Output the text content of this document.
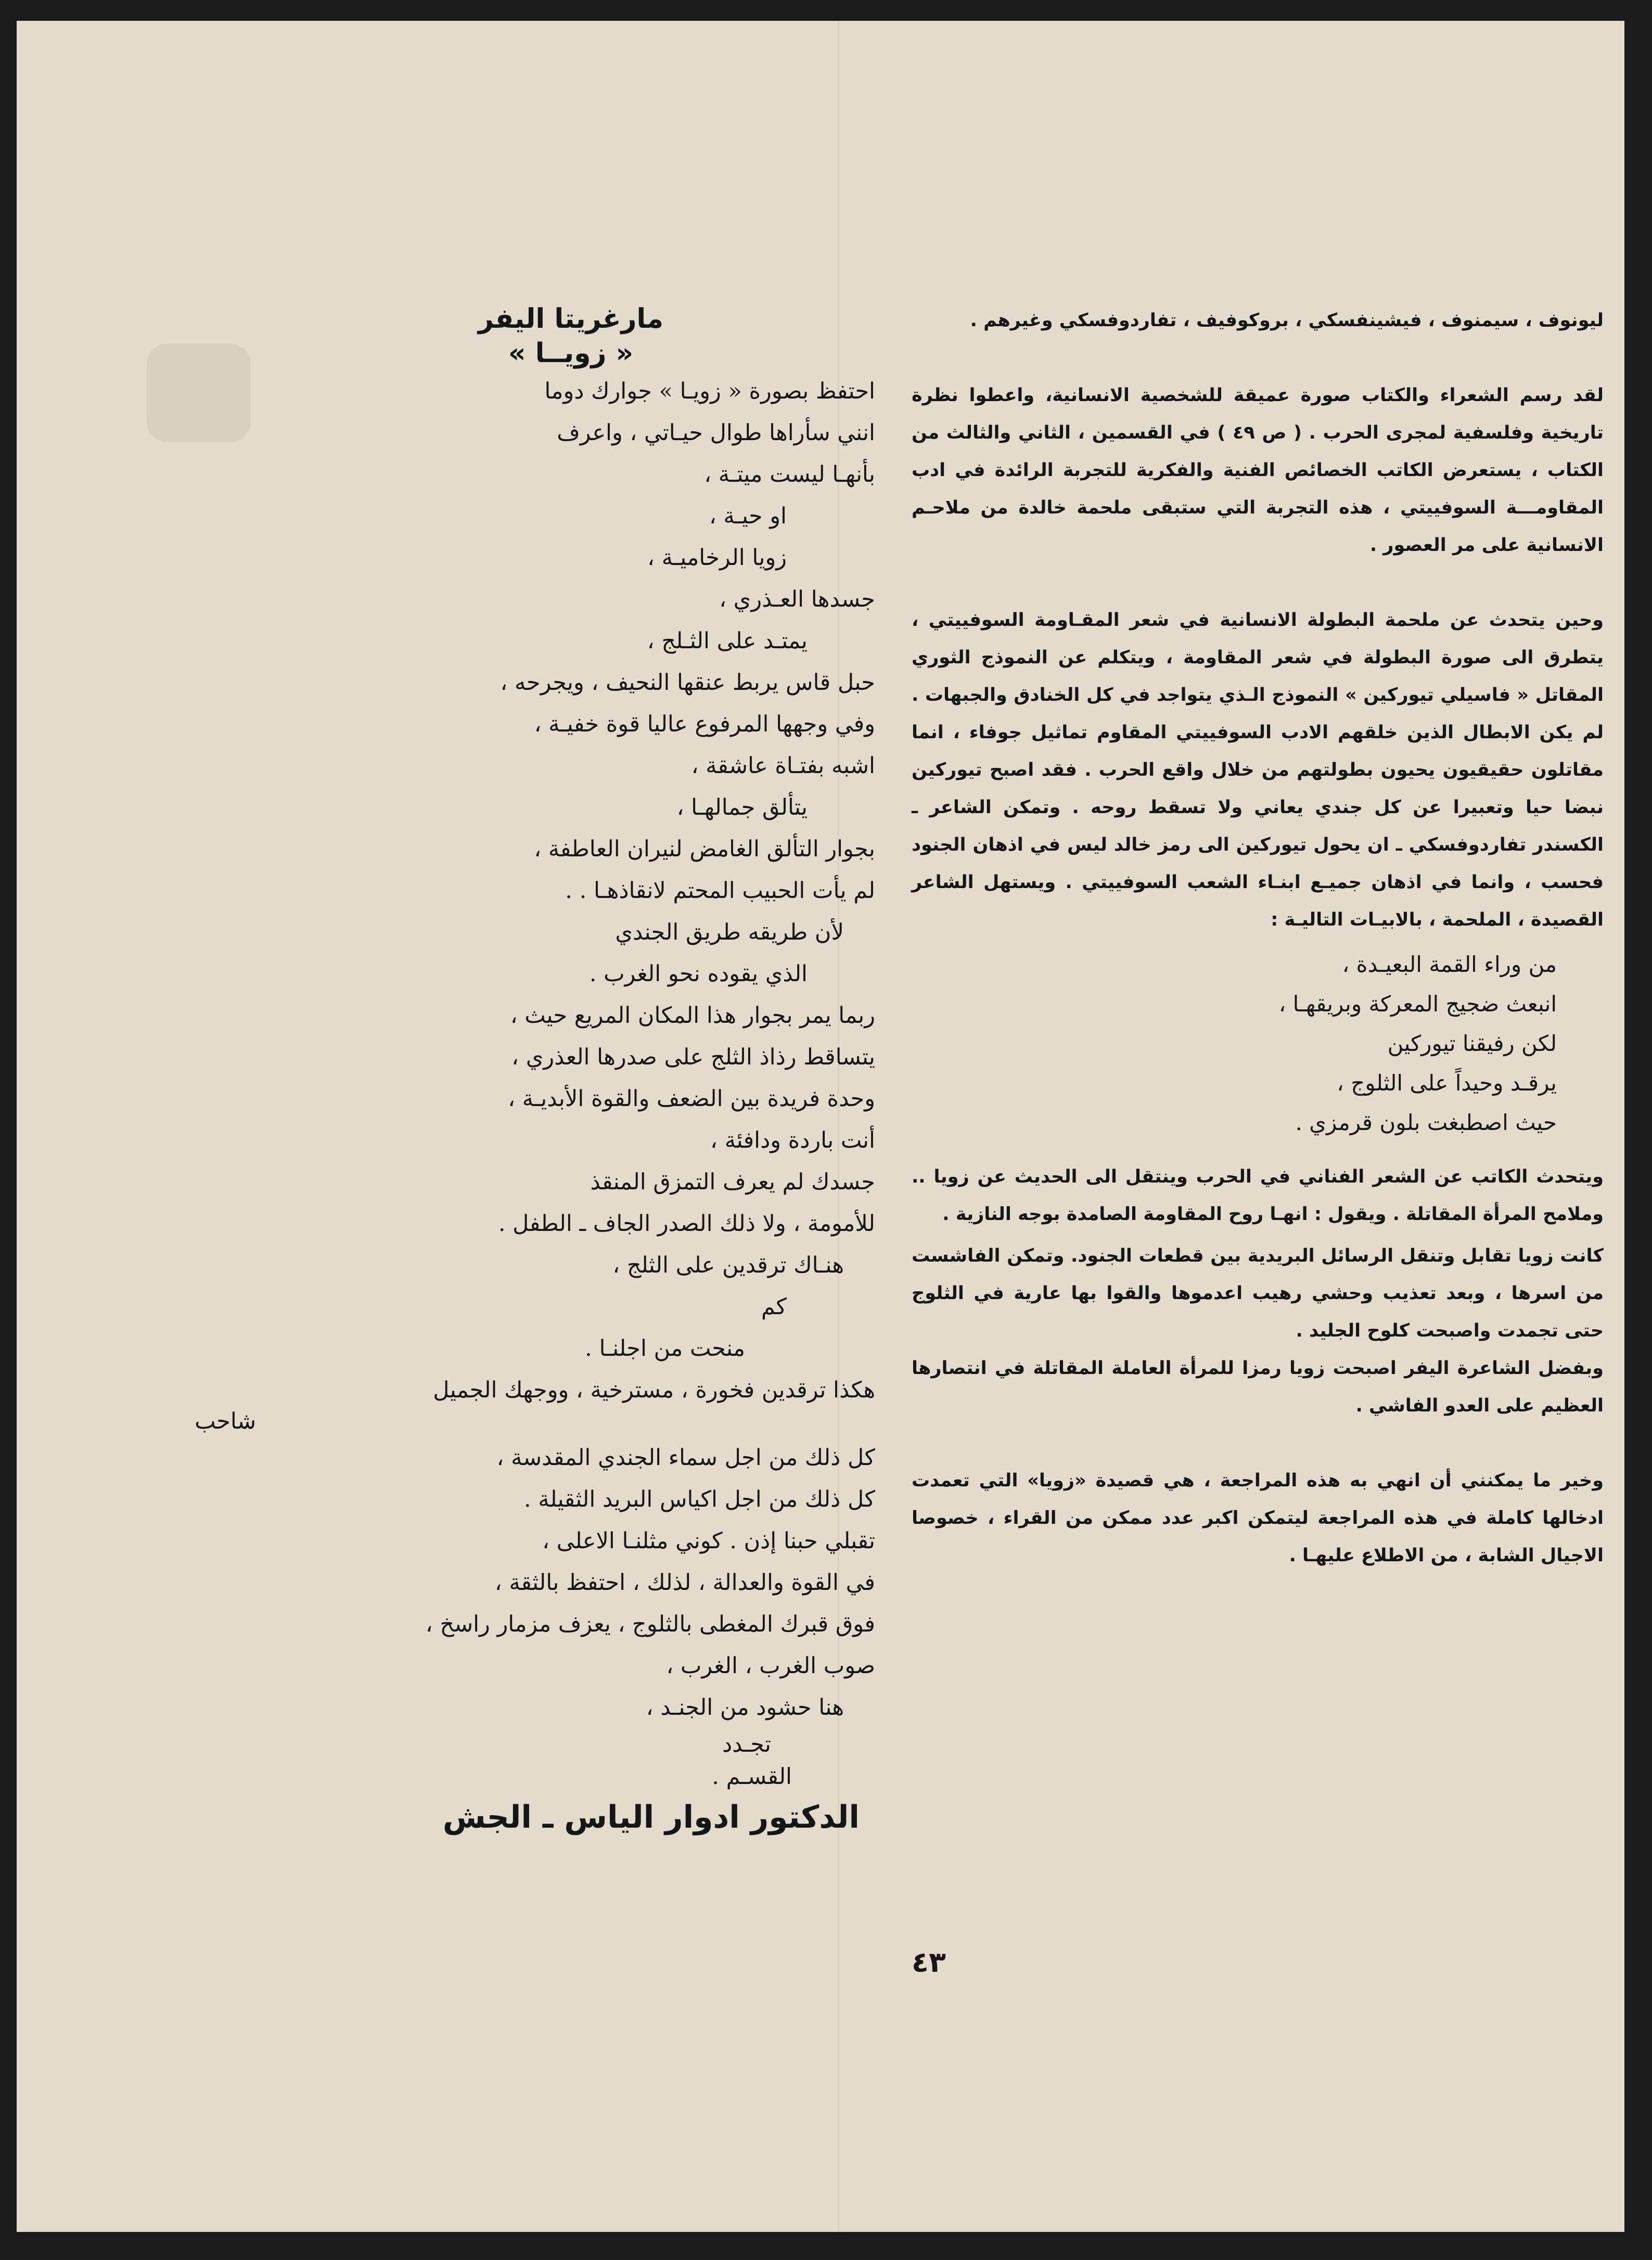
ليونوف ، سيمنوف ، فيشينفسكي ، بروكوفيف ، تفاردوفسكي وغيرهم .

لقد رسم الشعراء والكتاب صورة عميقة للشخصية الانسانية، واعطوا نظرة تاريخية وفلسفية لمجرى الحرب . ( ص ٤٩ ) في القسمين ، الثاني والثالث من الكتاب ، يستعرض الكاتب الخصائص الفنية والفكرية للتجربة الرائدة في ادب المقاومـــة السوفييتي ، هذه التجربة التي ستبقى ملحمة خالدة من ملاحـم الانسانية على مر العصور .

وحين يتحدث عن ملحمة البطولة الانسانية في شعر المقـاومة السوفييتي ، يتطرق الى صورة البطولة في شعر المقاومة ، ويتكلم عن النموذج الثوري المقاتل « فاسيلي تيوركين » النموذج الـذي يتواجد في كل الخنادق والجبهات . لم يكن الابطال الذين خلقهم الادب السوفييتي المقاوم تماثيل جوفاء ، انما مقاتلون حقيقيون يحيون بطولتهم من خلال واقع الحرب . فقد اصبح تيوركين نبضا حيا وتعبيرا عن كل جندي يعاني ولا تسقط روحه . وتمكن الشاعر ـ الكسندر تفاردوفسكي ـ ان يحول تيوركين الى رمز خالد ليس في اذهان الجنود فحسب ، وانما في اذهان جميـع ابنـاء الشعب السوفييتي . ويستهل الشاعر القصيدة ، الملحمة ، بالابيـات التاليـة :

من وراء القمة البعيـدة ،
انبعث ضجيج المعركة وبريقهـا ،
لكن رفيقنا تيوركين
يرقـد وحيداً على الثلوج ،
حيث اصطبغت بلون قرمزي .

ويتحدث الكاتب عن الشعر الفناني في الحرب وينتقل الى الحديث عن زويا .. وملامح المرأة المقاتلة . ويقول : انهـا روح المقاومة الصامدة بوجه النازية .

كانت زويا تقابل وتنقل الرسائل البريدية بين قطعات الجنود. وتمكن الفاشست من اسرها ، وبعد تعذيب وحشي رهيب اعدموها والقوا بها عارية في الثلوج حتى تجمدت واصبحت كلوح الجليد .

وبفضل الشاعرة اليفر اصبحت زويا رمزا للمرأة العاملة المقاتلة في انتصارها العظيم على العدو الفاشي .

وخير ما يمكنني أن انهي به هذه المراجعة ، هي قصيدة «زويا» التي تعمدت ادخالها كاملة في هذه المراجعة ليتمكن اكبر عدد ممكن من القراء ، خصوصا الاجيال الشابة ، من الاطلاع عليهـا .

مارغريتا اليفر
« زويــا »
احتفظ بصورة « زويـا » جوارك دوما
انني سأراها طوال حيـاتي ، واعرف
بأنهـا ليست ميتـة ،
او حيـة ،
زويا الرخاميـة ،
جسدها العـذري ،
يمتـد على الثـلج ،
حبل قاس يربط عنقها النحيف ، ويجرحه ،
وفي وجهها المرفوع عاليا قوة خفيـة ،
اشبه بفتـاة عاشقة ،
يتألق جمالهـا ،
بجوار التألق الغامض لنيران العاطفة ،
لم يأت الحبيب المحتم لانقاذهـا . .
لأن طريقه طريق الجندي
الذي يقوده نحو الغرب .
ربما يمر بجوار هذا المكان المريع حيث ،
يتساقط رذاذ الثلج على صدرها العذري ،
وحدة فريدة بين الضعف والقوة الأبديـة ،
أنت باردة ودافئة ،
جسدك لم يعرف التمزق المنقذ
للأمومة ، ولا ذلك الصدر الجاف ـ الطفل .
هنـاك ترقدين على الثلج ،
كم
منحت من اجلنـا .
هكذا ترقدين فخورة ، مسترخية ، ووجهك الجميل
شاحب
كل ذلك من اجل سماء الجندي المقدسة ،
كل ذلك من اجل اكياس البريد الثقيلة .
تقبلي حبنا إذن . كوني مثلنـا الاعلى ،
في القوة والعدالة ، لذلك ، احتفظ بالثقة ،
فوق قبرك المغطى بالثلوج ، يعزف مزمار راسخ ،
صوب الغرب ، الغرب ،
هنا حشود من الجنـد ،
تجـدد
القسـم .
الدكتور ادوار الياس ـ الجش
٤٣
